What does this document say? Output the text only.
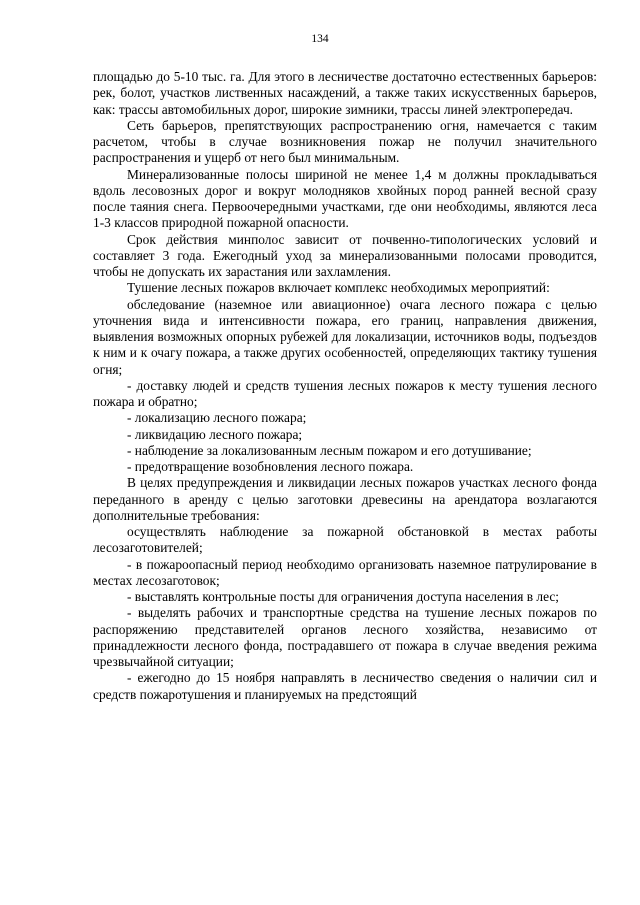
134

площадью до 5-10 тыс. га. Для этого в лесничестве достаточно естественных барьеров: рек, болот, участков лиственных насаждений, а также таких искусственных барьеров, как: трассы автомобильных дорог, широкие зимники, трассы линей электропередач.

Сеть барьеров, препятствующих распространению огня, намечается с таким расчетом, чтобы в случае возникновения пожар не получил значительного распространения и ущерб от него был минимальным.

Минерализованные полосы шириной не менее 1,4 м должны прокладываться вдоль лесовозных дорог и вокруг молодняков хвойных пород ранней весной сразу после таяния снега. Первоочередными участками, где они необходимы, являются леса 1-3 классов природной пожарной опасности.

Срок действия минполос зависит от почвенно-типологических условий и составляет 3 года. Ежегодный уход за минерализованными полосами проводится, чтобы не допускать их зарастания или захламления.

Тушение лесных пожаров включает комплекс необходимых мероприятий:

обследование (наземное или авиационное) очага лесного пожара с целью уточнения вида и интенсивности пожара, его границ, направления движения, выявления возможных опорных рубежей для локализации, источников воды, подъездов к ним и к очагу пожара, а также других особенностей, определяющих тактику тушения огня;

- доставку людей и средств тушения лесных пожаров к месту тушения лесного пожара и обратно;

- локализацию лесного пожара;

- ликвидацию лесного пожара;

- наблюдение за локализованным лесным пожаром и его дотушивание;

- предотвращение возобновления лесного пожара.

В целях предупреждения и ликвидации лесных пожаров участках лесного фонда переданного в аренду с целью заготовки древесины на арендатора возлагаются дополнительные требования:

осуществлять наблюдение за пожарной обстановкой в местах работы лесозаготовителей;

- в пожароопасный период необходимо организовать наземное патрулирование в местах лесозаготовок;

- выставлять контрольные посты для ограничения доступа населения в лес;

- выделять рабочих и транспортные средства на тушение лесных пожаров по распоряжению представителей органов лесного хозяйства, независимо от принадлежности лесного фонда, пострадавшего от пожара в случае введения режима чрезвычайной ситуации;

- ежегодно до 15 ноября направлять в лесничество сведения о наличии сил и средств пожаротушения и планируемых на предстоящий
